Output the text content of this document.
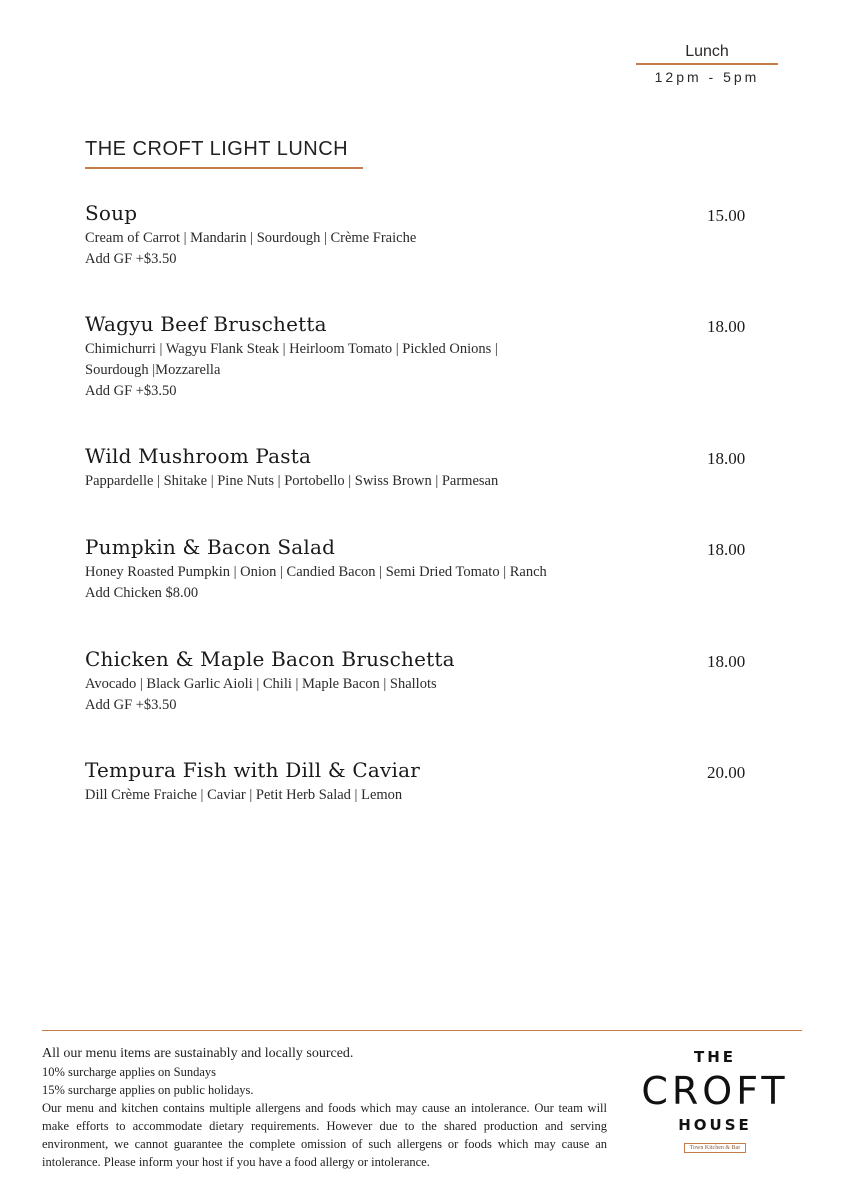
Lunch
12pm - 5pm
THE CROFT LIGHT LUNCH
Soup	15.00
Cream of Carrot | Mandarin | Sourdough | Crème Fraiche
Add GF +$3.50
Wagyu Beef Bruschetta	18.00
Chimichurri | Wagyu Flank Steak | Heirloom Tomato | Pickled Onions |
Sourdough |Mozzarella
Add GF +$3.50
Wild Mushroom Pasta	18.00
Pappardelle | Shitake | Pine Nuts | Portobello | Swiss Brown | Parmesan
Pumpkin & Bacon Salad	18.00
Honey Roasted Pumpkin | Onion | Candied Bacon | Semi Dried Tomato | Ranch
Add Chicken $8.00
Chicken & Maple Bacon Bruschetta	18.00
Avocado | Black Garlic Aioli | Chili | Maple Bacon | Shallots
Add GF +$3.50
Tempura Fish with Dill & Caviar	20.00
Dill Crème Fraiche | Caviar | Petit Herb Salad | Lemon
All our menu items are sustainably and locally sourced.
10% surcharge applies on Sundays
15% surcharge applies on public holidays.
Our menu and kitchen contains multiple allergens and foods which may cause an intolerance. Our team will make efforts to accommodate dietary requirements. However due to the shared production and serving environment, we cannot guarantee the complete omission of such allergens or foods which may cause an intolerance. Please inform your host if you have a food allergy or intolerance.
THE
CROFT
HOUSE
Town Kitchen & Bar
